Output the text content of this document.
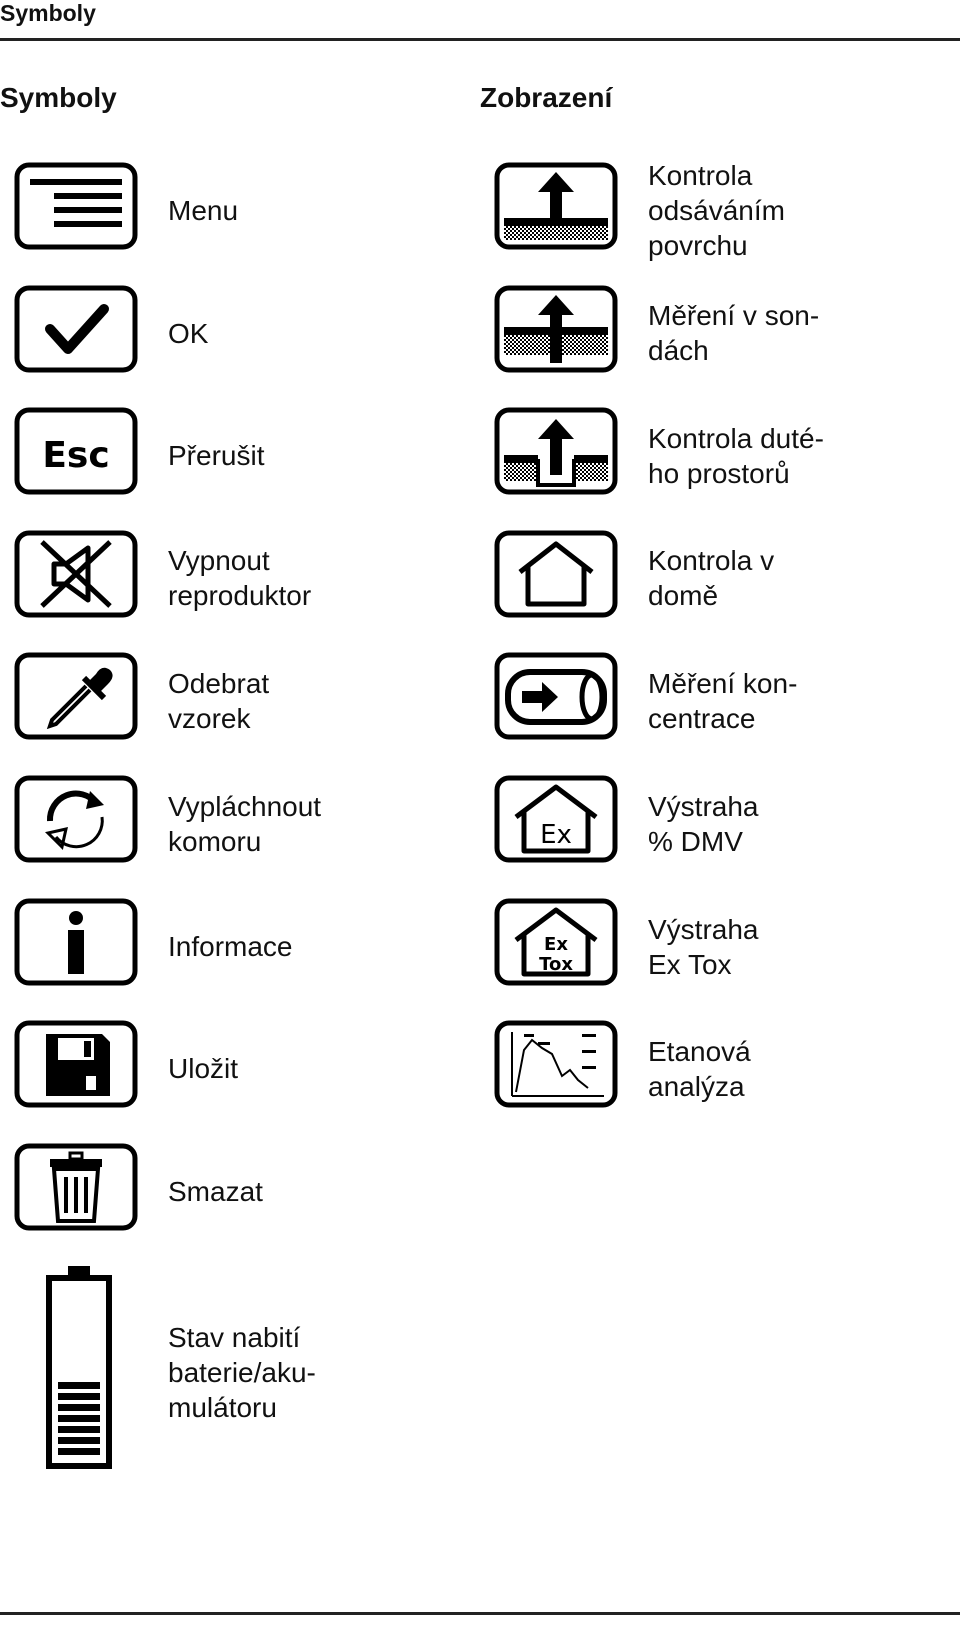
Symboly
Symboly	Zobrazení
Menu
OK
Esc Přerušit
Vypnout
reproduktor
Odebrat
vzorek
Vypláchnout
komoru
Informace
Uložit
Smazat
Stav nabití
baterie/aku-
mulátoru
Kontrola
odsáváním
povrchu
Měření v son-
dách
Kontrola duté-
ho prostorů
Kontrola v
domě
Měření kon-
centrace
Ex
Výstraha
% DMV
Ex
Tox
Výstraha
Ex Tox
Etanová
analýza
